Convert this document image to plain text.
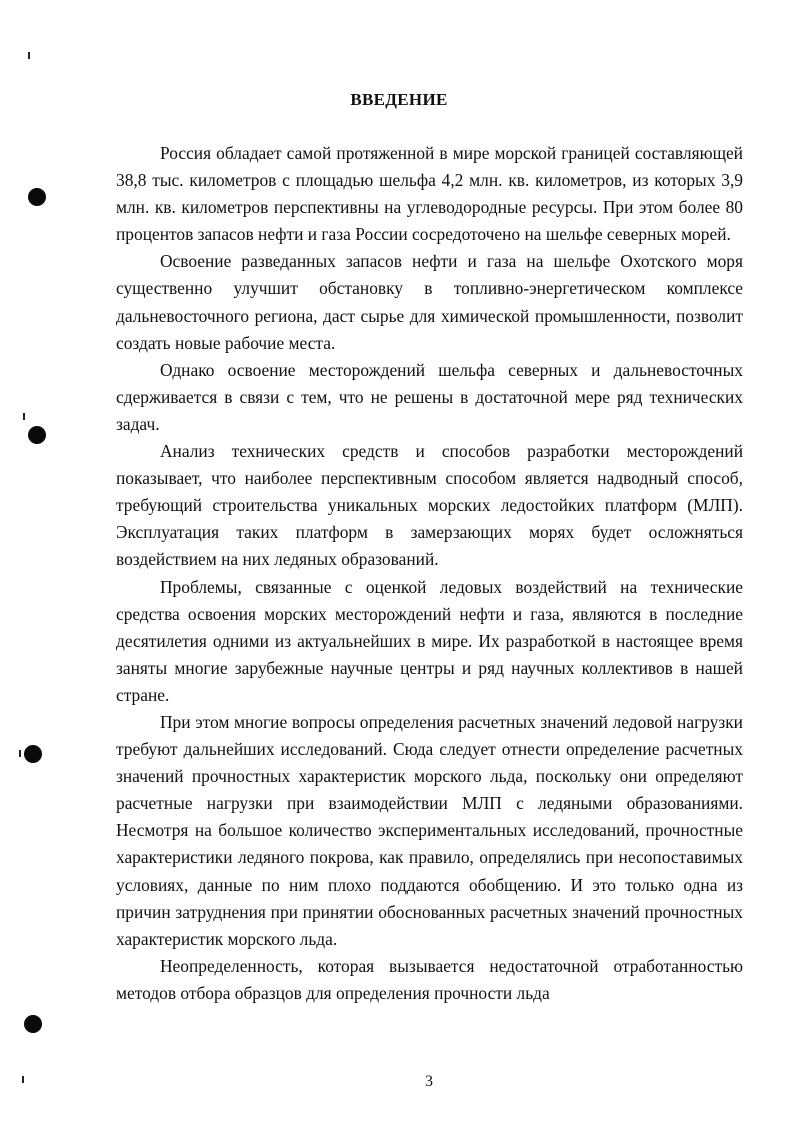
ВВЕДЕНИЕ

Россия обладает самой протяженной в мире морской границей составляющей 38,8 тыс. километров с площадью шельфа 4,2 млн. кв. километров, из которых 3,9 млн. кв. километров перспективны на углеводородные ресурсы. При этом более 80 процентов запасов нефти и газа России сосредоточено на шельфе северных морей.

Освоение разведанных запасов нефти и газа на шельфе Охотского моря существенно улучшит обстановку в топливно-энергетическом комплексе дальневосточного региона, даст сырье для химической промышленности, позволит создать новые рабочие места.

Однако освоение месторождений шельфа северных и дальневосточных сдерживается в связи с тем, что не решены в достаточной мере ряд технических задач.

Анализ технических средств и способов разработки месторождений показывает, что наиболее перспективным способом является надводный способ, требующий строительства уникальных морских ледостойких платформ (МЛП). Эксплуатация таких платформ в замерзающих морях будет осложняться воздействием на них ледяных образований.

Проблемы, связанные с оценкой ледовых воздействий на технические средства освоения морских месторождений нефти и газа, являются в последние десятилетия одними из актуальнейших в мире. Их разработкой в настоящее время заняты многие зарубежные научные центры и ряд научных коллективов в нашей стране.

При этом многие вопросы определения расчетных значений ледовой нагрузки требуют дальнейших исследований. Сюда следует отнести определение расчетных значений прочностных характеристик морского льда, поскольку они определяют расчетные нагрузки при взаимодействии МЛП с ледяными образованиями. Несмотря на большое количество экспериментальных исследований, прочностные характеристики ледяного покрова, как правило, определялись при несопоставимых условиях, данные по ним плохо поддаются обобщению. И это только одна из причин затруднения при принятии обоснованных расчетных значений прочностных характеристик морского льда.

Неопределенность, которая вызывается недостаточной отработанностью методов отбора образцов для определения прочности льда

3
